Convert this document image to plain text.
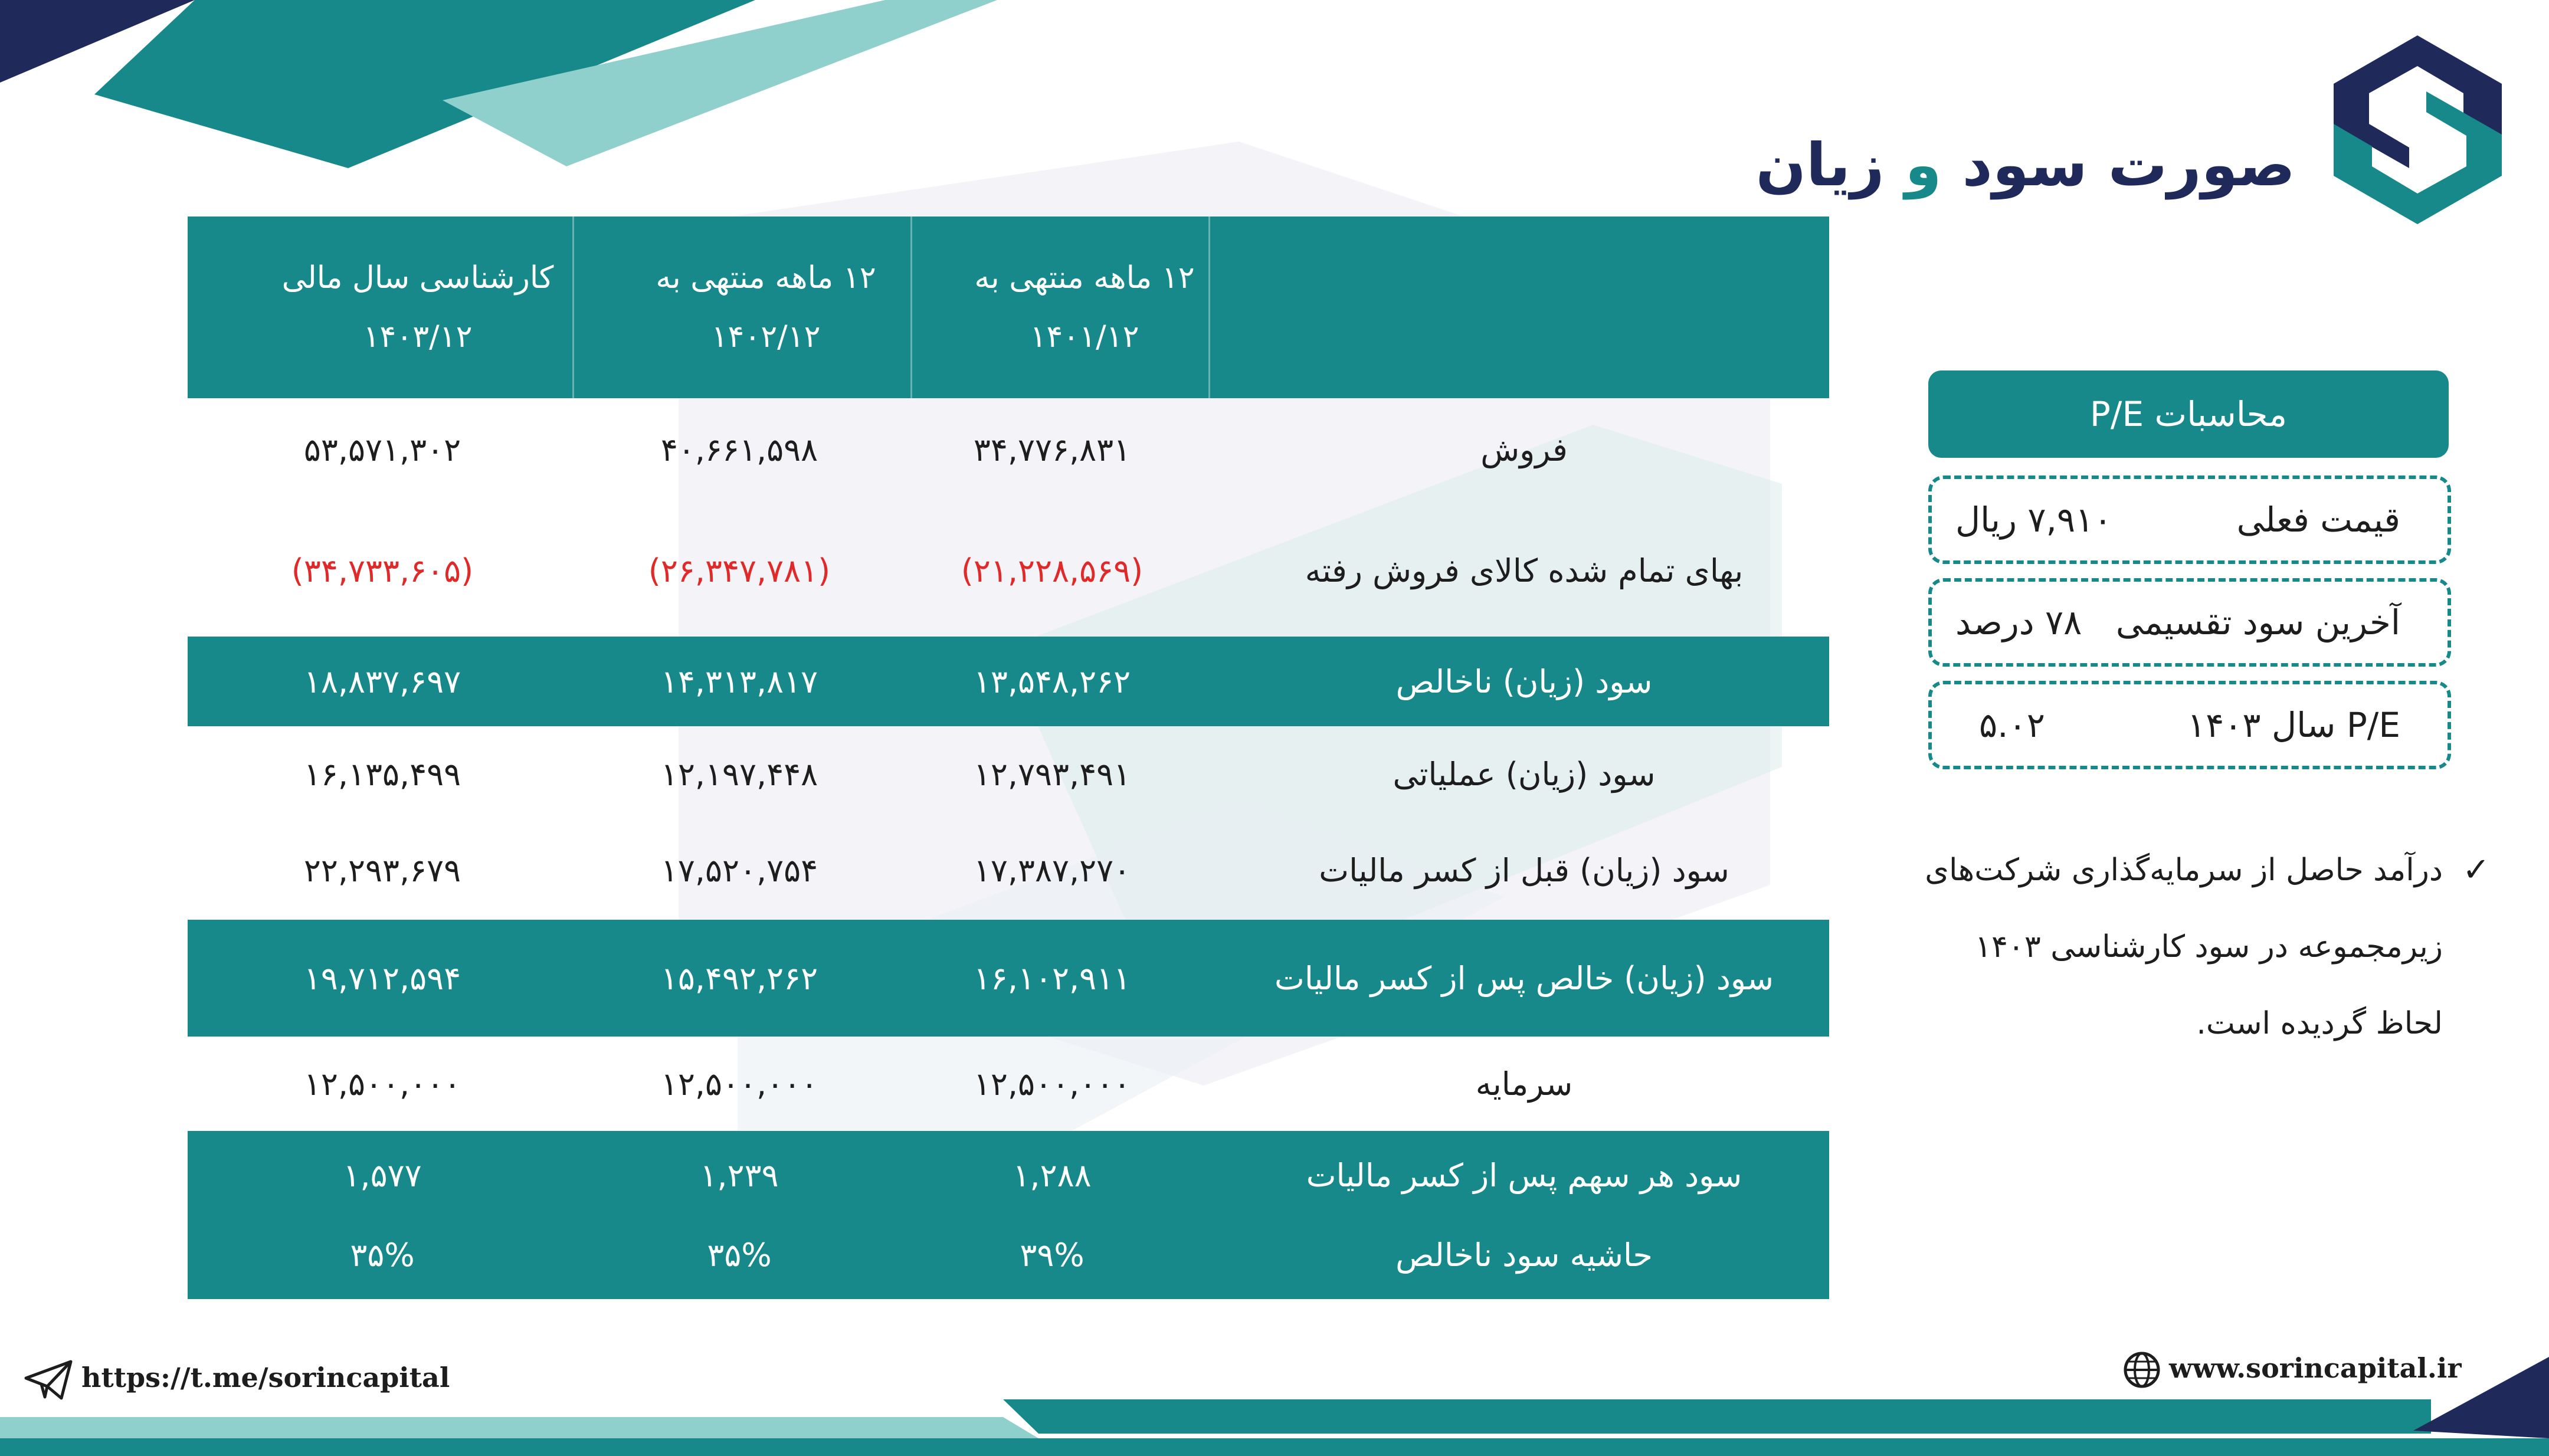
صورت سود و زیان
۱۲ ماهه منتهی به
۱۴۰۱/۱۲
۱۲ ماهه منتهی به
۱۴۰۲/۱۲
کارشناسی سال مالی
۱۴۰۳/۱۲
فروش
۳۴,۷۷۶,۸۳۱
۴۰,۶۶۱,۵۹۸
۵۳,۵۷۱,۳۰۲
بهای تمام شده کالای فروش رفته
(۲۱,۲۲۸,۵۶۹)
(۲۶,۳۴۷,۷۸۱)
(۳۴,۷۳۳,۶۰۵)
سود (زیان) ناخالص
۱۳,۵۴۸,۲۶۲
۱۴,۳۱۳,۸۱۷
۱۸,۸۳۷,۶۹۷
سود (زیان) عملیاتی
۱۲,۷۹۳,۴۹۱
۱۲,۱۹۷,۴۴۸
۱۶,۱۳۵,۴۹۹
سود (زیان) قبل از کسر مالیات
۱۷,۳۸۷,۲۷۰
۱۷,۵۲۰,۷۵۴
۲۲,۲۹۳,۶۷۹
سود (زیان) خالص پس از کسر مالیات
۱۶,۱۰۲,۹۱۱
۱۵,۴۹۲,۲۶۲
۱۹,۷۱۲,۵۹۴
سرمایه
۱۲,۵۰۰,۰۰۰
۱۲,۵۰۰,۰۰۰
۱۲,۵۰۰,۰۰۰
سود هر سهم پس از کسر مالیات
۱,۲۸۸
۱,۲۳۹
۱,۵۷۷
حاشیه سود ناخالص
۳۹%
۳۵%
۳۵%
محاسبات P/E
قیمت فعلی
۷,۹۱۰ ریال
آخرین سود تقسیمی
۷۸ درصد
P/E سال ۱۴۰۳
۵.۰۲
✓
درآمد حاصل از سرمایه‌گذاری شرکت‌های زیرمجموعه در سود کارشناسی ۱۴۰۳ لحاظ گردیده است.
https://t.me/sorincapital	www.sorincapital.ir
